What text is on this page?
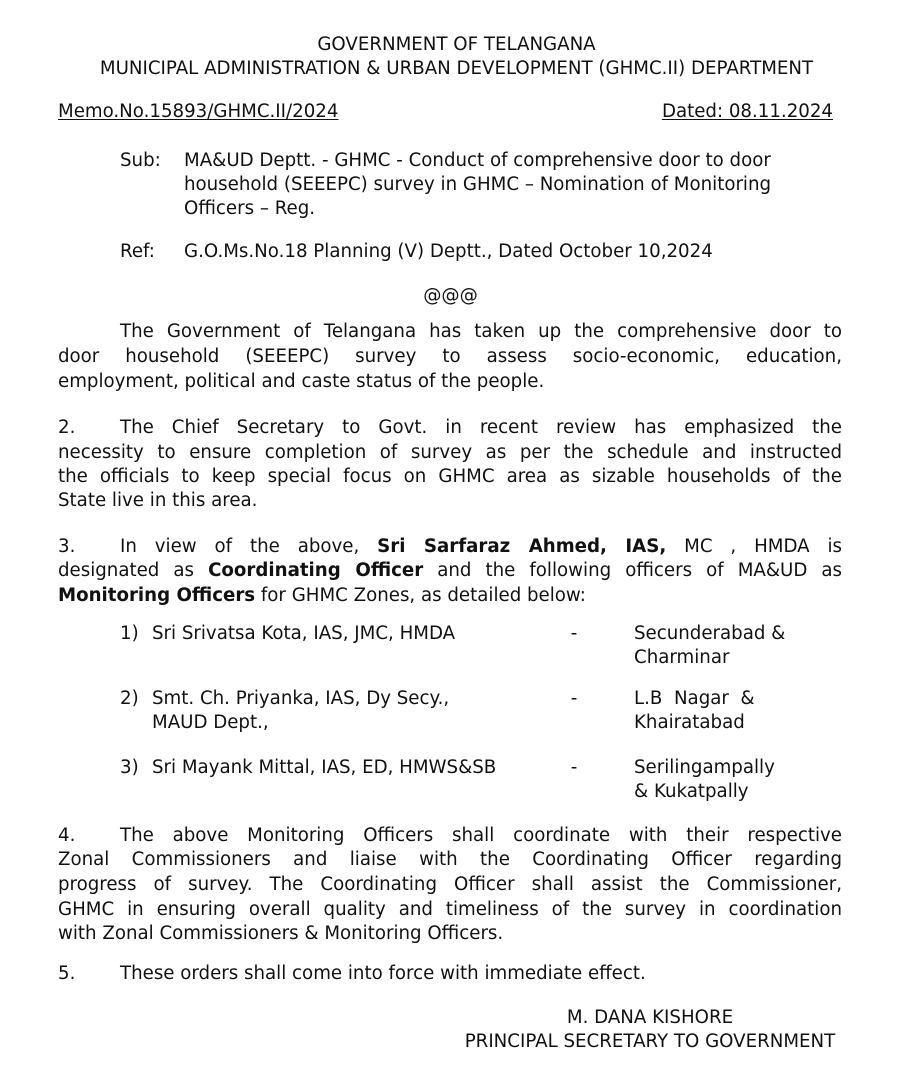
GOVERNMENT OF TELANGANA
MUNICIPAL ADMINISTRATION & URBAN DEVELOPMENT (GHMC.II) DEPARTMENT
Memo.No.15893/GHMC.II/2024	Dated: 08.11.2024
Sub: MA&UD Deptt. - GHMC - Conduct of comprehensive door to door
household (SEEEPC) survey in GHMC – Nomination of Monitoring
Officers – Reg.
Ref: G.O.Ms.No.18 Planning (V) Deptt., Dated October 10,2024
@@@
The Government of Telangana has taken up the comprehensive door to
door household (SEEEPC) survey to assess socio-economic, education,
employment, political and caste status of the people.
2. The Chief Secretary to Govt. in recent review has emphasized the
necessity to ensure completion of survey as per the schedule and instructed
the officials to keep special focus on GHMC area as sizable households of the
State live in this area.
3. In view of the above, Sri Sarfaraz Ahmed, IAS, MC , HMDA is
designated as Coordinating Officer and the following officers of MA&UD as
Monitoring Officers for GHMC Zones, as detailed below:
1) Sri Srivatsa Kota, IAS, JMC, HMDA	-	Secunderabad &
Charminar
2) Smt. Ch. Priyanka, IAS, Dy Secy.,
MAUD Dept.,
-	L.B  Nagar  &
Khairatabad
3) Sri Mayank Mittal, IAS, ED, HMWS&SB	-	Serilingampally
& Kukatpally
4. The above Monitoring Officers shall coordinate with their respective
Zonal Commissioners and liaise with the Coordinating Officer regarding
progress of survey. The Coordinating Officer shall assist the Commissioner,
GHMC in ensuring overall quality and timeliness of the survey in coordination
with Zonal Commissioners & Monitoring Officers.
5. These orders shall come into force with immediate effect.
M. DANA KISHORE
PRINCIPAL SECRETARY TO GOVERNMENT
